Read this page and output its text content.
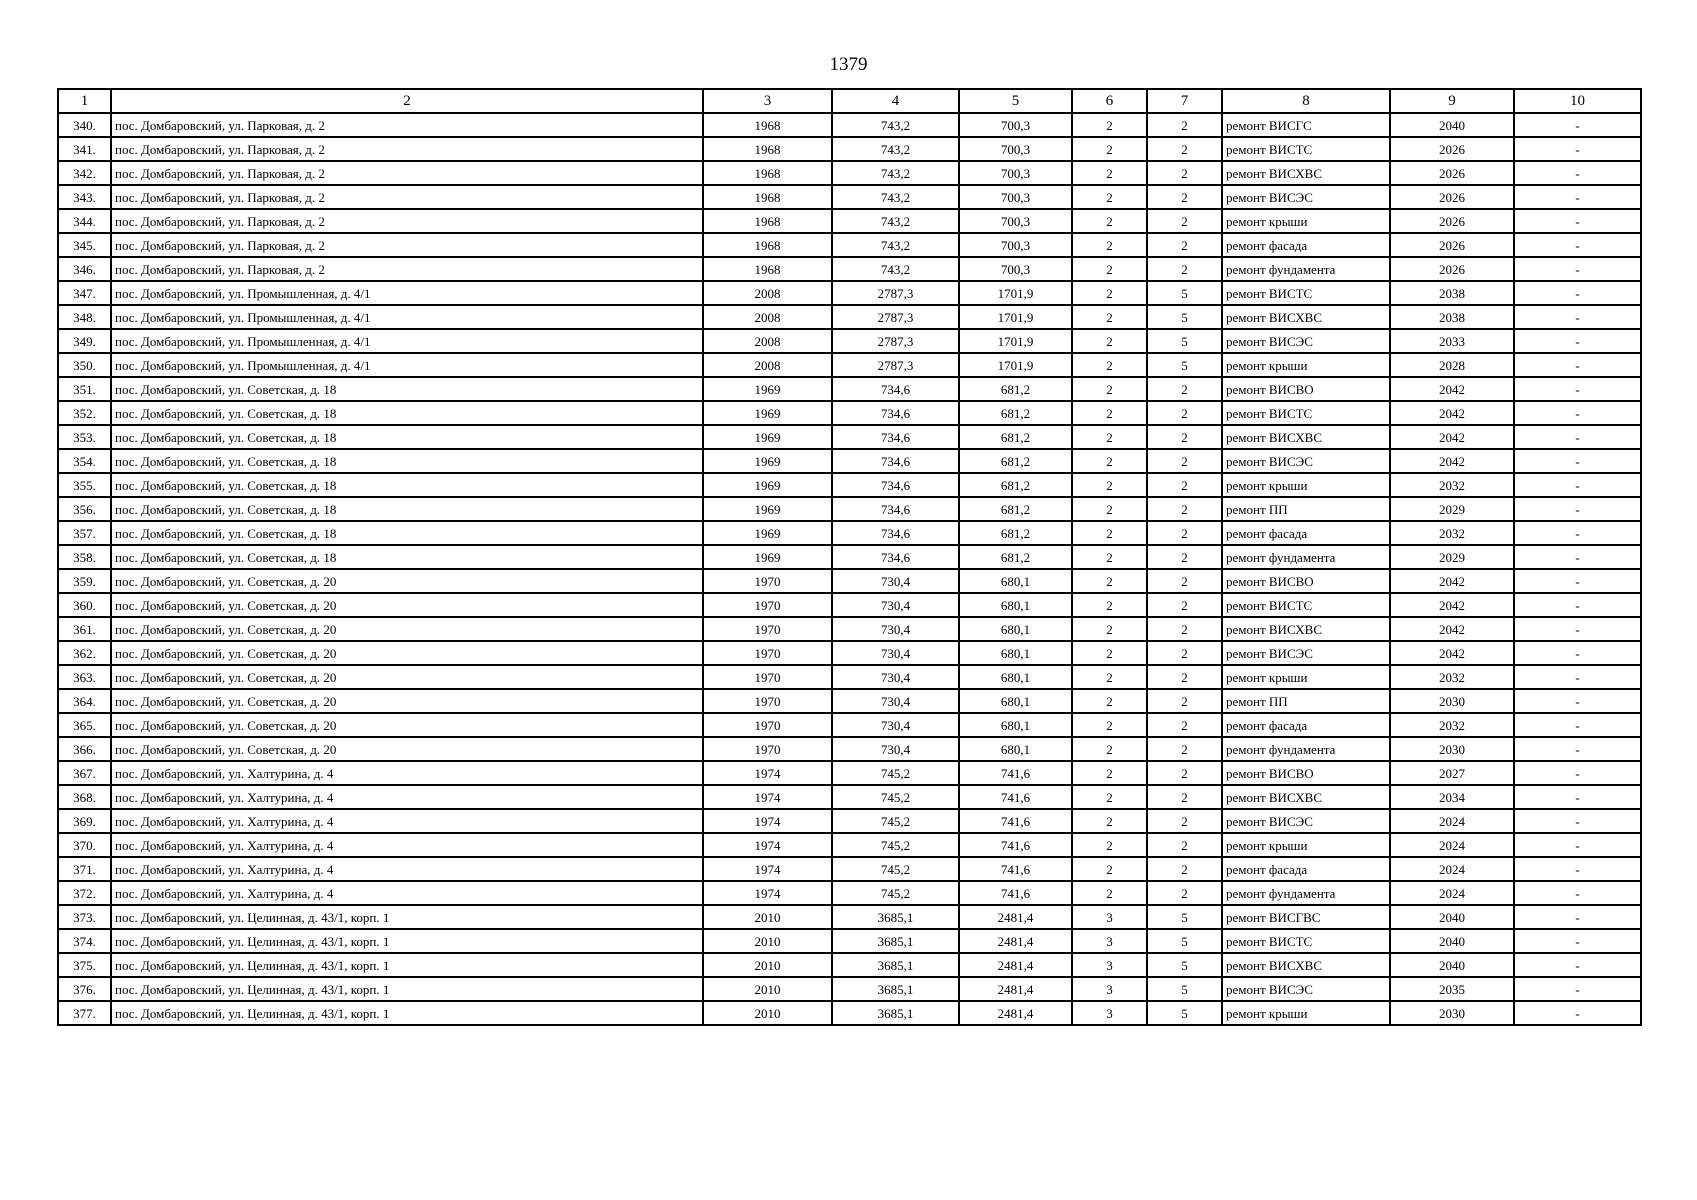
1379
1	2	3	4	5	6	7	8	9	10
340.	пос. Домбаровский, ул. Парковая, д. 2	1968	743,2	700,3	2	2	ремонт ВИСГС	2040	-
341.	пос. Домбаровский, ул. Парковая, д. 2	1968	743,2	700,3	2	2	ремонт ВИСТС	2026	-
342.	пос. Домбаровский, ул. Парковая, д. 2	1968	743,2	700,3	2	2	ремонт ВИСХВС	2026	-
343.	пос. Домбаровский, ул. Парковая, д. 2	1968	743,2	700,3	2	2	ремонт ВИСЭС	2026	-
344.	пос. Домбаровский, ул. Парковая, д. 2	1968	743,2	700,3	2	2	ремонт крыши	2026	-
345.	пос. Домбаровский, ул. Парковая, д. 2	1968	743,2	700,3	2	2	ремонт фасада	2026	-
346.	пос. Домбаровский, ул. Парковая, д. 2	1968	743,2	700,3	2	2	ремонт фундамента	2026	-
347.	пос. Домбаровский, ул. Промышленная, д. 4/1	2008	2787,3	1701,9	2	5	ремонт ВИСТС	2038	-
348.	пос. Домбаровский, ул. Промышленная, д. 4/1	2008	2787,3	1701,9	2	5	ремонт ВИСХВС	2038	-
349.	пос. Домбаровский, ул. Промышленная, д. 4/1	2008	2787,3	1701,9	2	5	ремонт ВИСЭС	2033	-
350.	пос. Домбаровский, ул. Промышленная, д. 4/1	2008	2787,3	1701,9	2	5	ремонт крыши	2028	-
351.	пос. Домбаровский, ул. Советская, д. 18	1969	734,6	681,2	2	2	ремонт ВИСВО	2042	-
352.	пос. Домбаровский, ул. Советская, д. 18	1969	734,6	681,2	2	2	ремонт ВИСТС	2042	-
353.	пос. Домбаровский, ул. Советская, д. 18	1969	734,6	681,2	2	2	ремонт ВИСХВС	2042	-
354.	пос. Домбаровский, ул. Советская, д. 18	1969	734,6	681,2	2	2	ремонт ВИСЭС	2042	-
355.	пос. Домбаровский, ул. Советская, д. 18	1969	734,6	681,2	2	2	ремонт крыши	2032	-
356.	пос. Домбаровский, ул. Советская, д. 18	1969	734,6	681,2	2	2	ремонт ПП	2029	-
357.	пос. Домбаровский, ул. Советская, д. 18	1969	734,6	681,2	2	2	ремонт фасада	2032	-
358.	пос. Домбаровский, ул. Советская, д. 18	1969	734,6	681,2	2	2	ремонт фундамента	2029	-
359.	пос. Домбаровский, ул. Советская, д. 20	1970	730,4	680,1	2	2	ремонт ВИСВО	2042	-
360.	пос. Домбаровский, ул. Советская, д. 20	1970	730,4	680,1	2	2	ремонт ВИСТС	2042	-
361.	пос. Домбаровский, ул. Советская, д. 20	1970	730,4	680,1	2	2	ремонт ВИСХВС	2042	-
362.	пос. Домбаровский, ул. Советская, д. 20	1970	730,4	680,1	2	2	ремонт ВИСЭС	2042	-
363.	пос. Домбаровский, ул. Советская, д. 20	1970	730,4	680,1	2	2	ремонт крыши	2032	-
364.	пос. Домбаровский, ул. Советская, д. 20	1970	730,4	680,1	2	2	ремонт ПП	2030	-
365.	пос. Домбаровский, ул. Советская, д. 20	1970	730,4	680,1	2	2	ремонт фасада	2032	-
366.	пос. Домбаровский, ул. Советская, д. 20	1970	730,4	680,1	2	2	ремонт фундамента	2030	-
367.	пос. Домбаровский, ул. Халтурина, д. 4	1974	745,2	741,6	2	2	ремонт ВИСВО	2027	-
368.	пос. Домбаровский, ул. Халтурина, д. 4	1974	745,2	741,6	2	2	ремонт ВИСХВС	2034	-
369.	пос. Домбаровский, ул. Халтурина, д. 4	1974	745,2	741,6	2	2	ремонт ВИСЭС	2024	-
370.	пос. Домбаровский, ул. Халтурина, д. 4	1974	745,2	741,6	2	2	ремонт крыши	2024	-
371.	пос. Домбаровский, ул. Халтурина, д. 4	1974	745,2	741,6	2	2	ремонт фасада	2024	-
372.	пос. Домбаровский, ул. Халтурина, д. 4	1974	745,2	741,6	2	2	ремонт фундамента	2024	-
373.	пос. Домбаровский, ул. Целинная, д. 43/1, корп. 1	2010	3685,1	2481,4	3	5	ремонт ВИСГВС	2040	-
374.	пос. Домбаровский, ул. Целинная, д. 43/1, корп. 1	2010	3685,1	2481,4	3	5	ремонт ВИСТС	2040	-
375.	пос. Домбаровский, ул. Целинная, д. 43/1, корп. 1	2010	3685,1	2481,4	3	5	ремонт ВИСХВС	2040	-
376.	пос. Домбаровский, ул. Целинная, д. 43/1, корп. 1	2010	3685,1	2481,4	3	5	ремонт ВИСЭС	2035	-
377.	пос. Домбаровский, ул. Целинная, д. 43/1, корп. 1	2010	3685,1	2481,4	3	5	ремонт крыши	2030	-
